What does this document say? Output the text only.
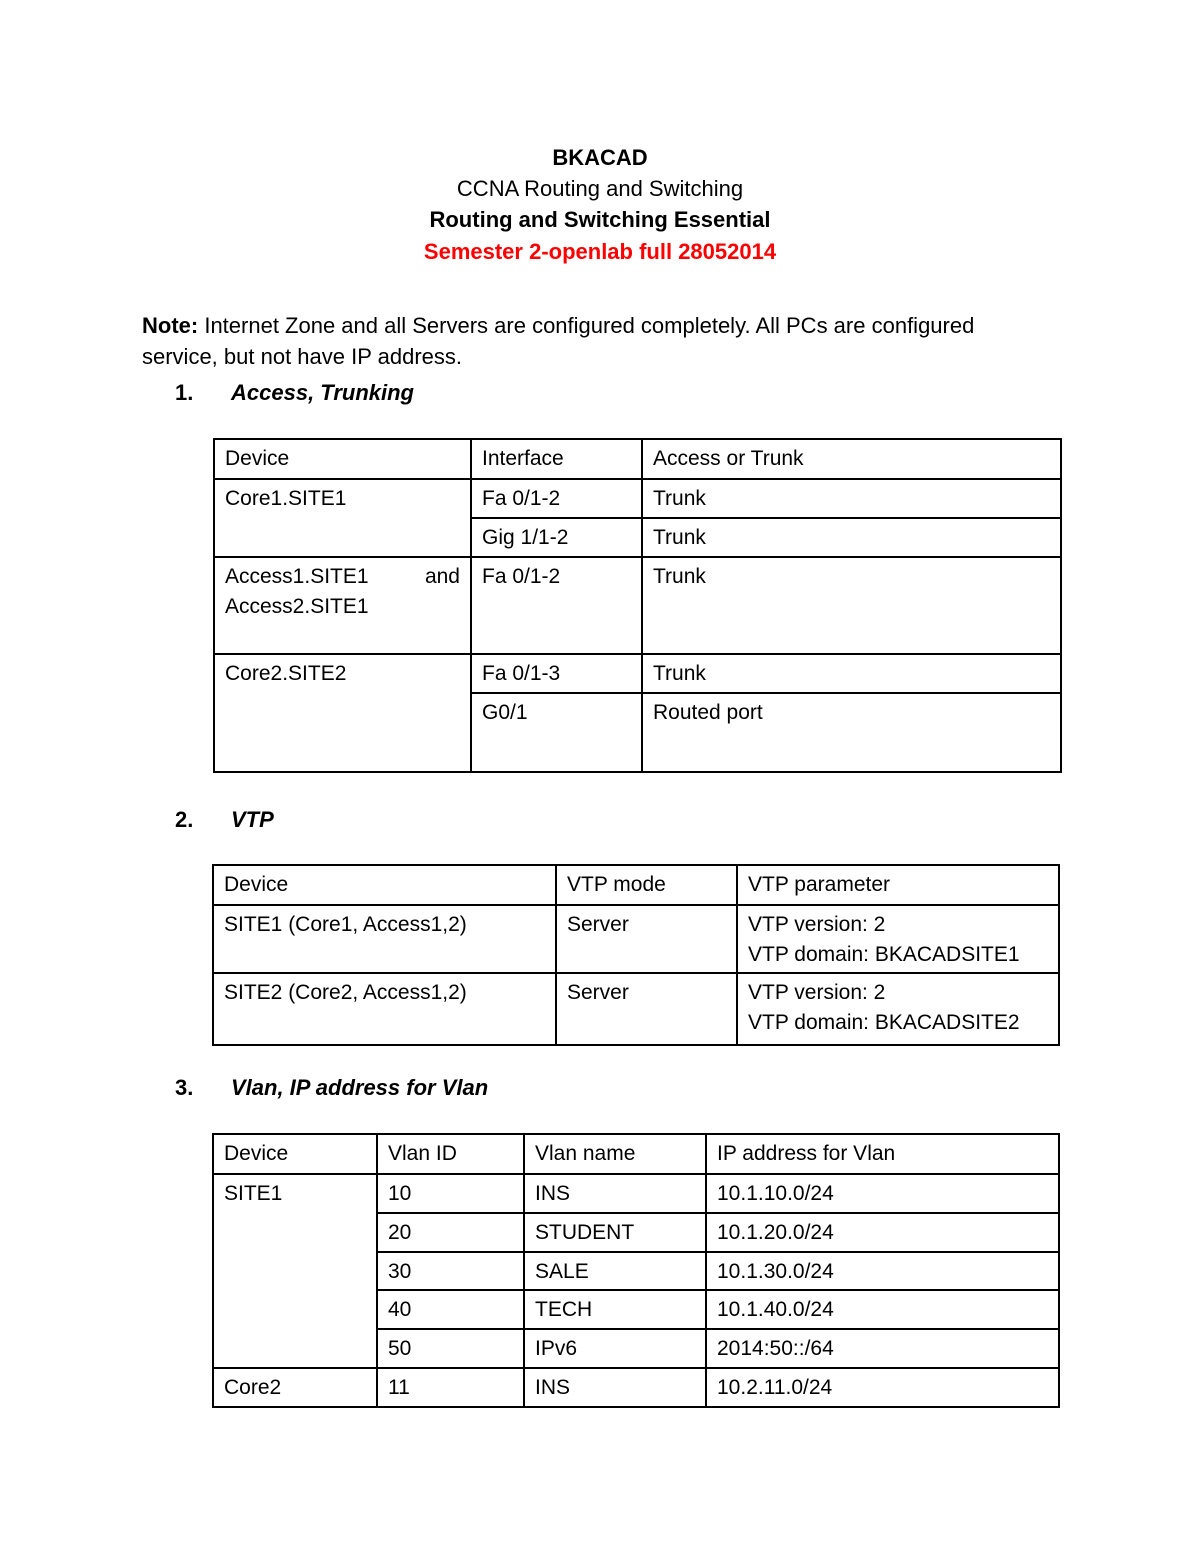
BKACAD
CCNA Routing and Switching
Routing and Switching Essential
Semester 2-openlab full 28052014
Note: Internet Zone and all Servers are configured completely. All PCs are configured service, but not have IP address.
1. Access, Trunking
Device	Interface	Access or Trunk
Core1.SITE1	Fa 0/1-2	Trunk
	Gig 1/1-2	Trunk

Access1.SITE1 and
Access2.SITE1	Fa 0/1-2	Trunk
Core2.SITE2	Fa 0/1-3	Trunk
	G0/1	Routed port
2. VTP
Device	VTP mode	VTP parameter
SITE1 (Core1, Access1,2)	Server	VTP version: 2
VTP domain: BKACADSITE1

SITE2 (Core2, Access1,2)	Server	VTP version: 2
VTP domain: BKACADSITE2
3. Vlan, IP address for Vlan
Device	Vlan ID	Vlan name	IP address for Vlan
SITE1	10	INS	10.1.10.0/24
	20	STUDENT	10.1.20.0/24
	30	SALE	10.1.30.0/24
	40	TECH	10.1.40.0/24
	50	IPv6	2014:50::/64
Core2	11	INS	10.2.11.0/24
